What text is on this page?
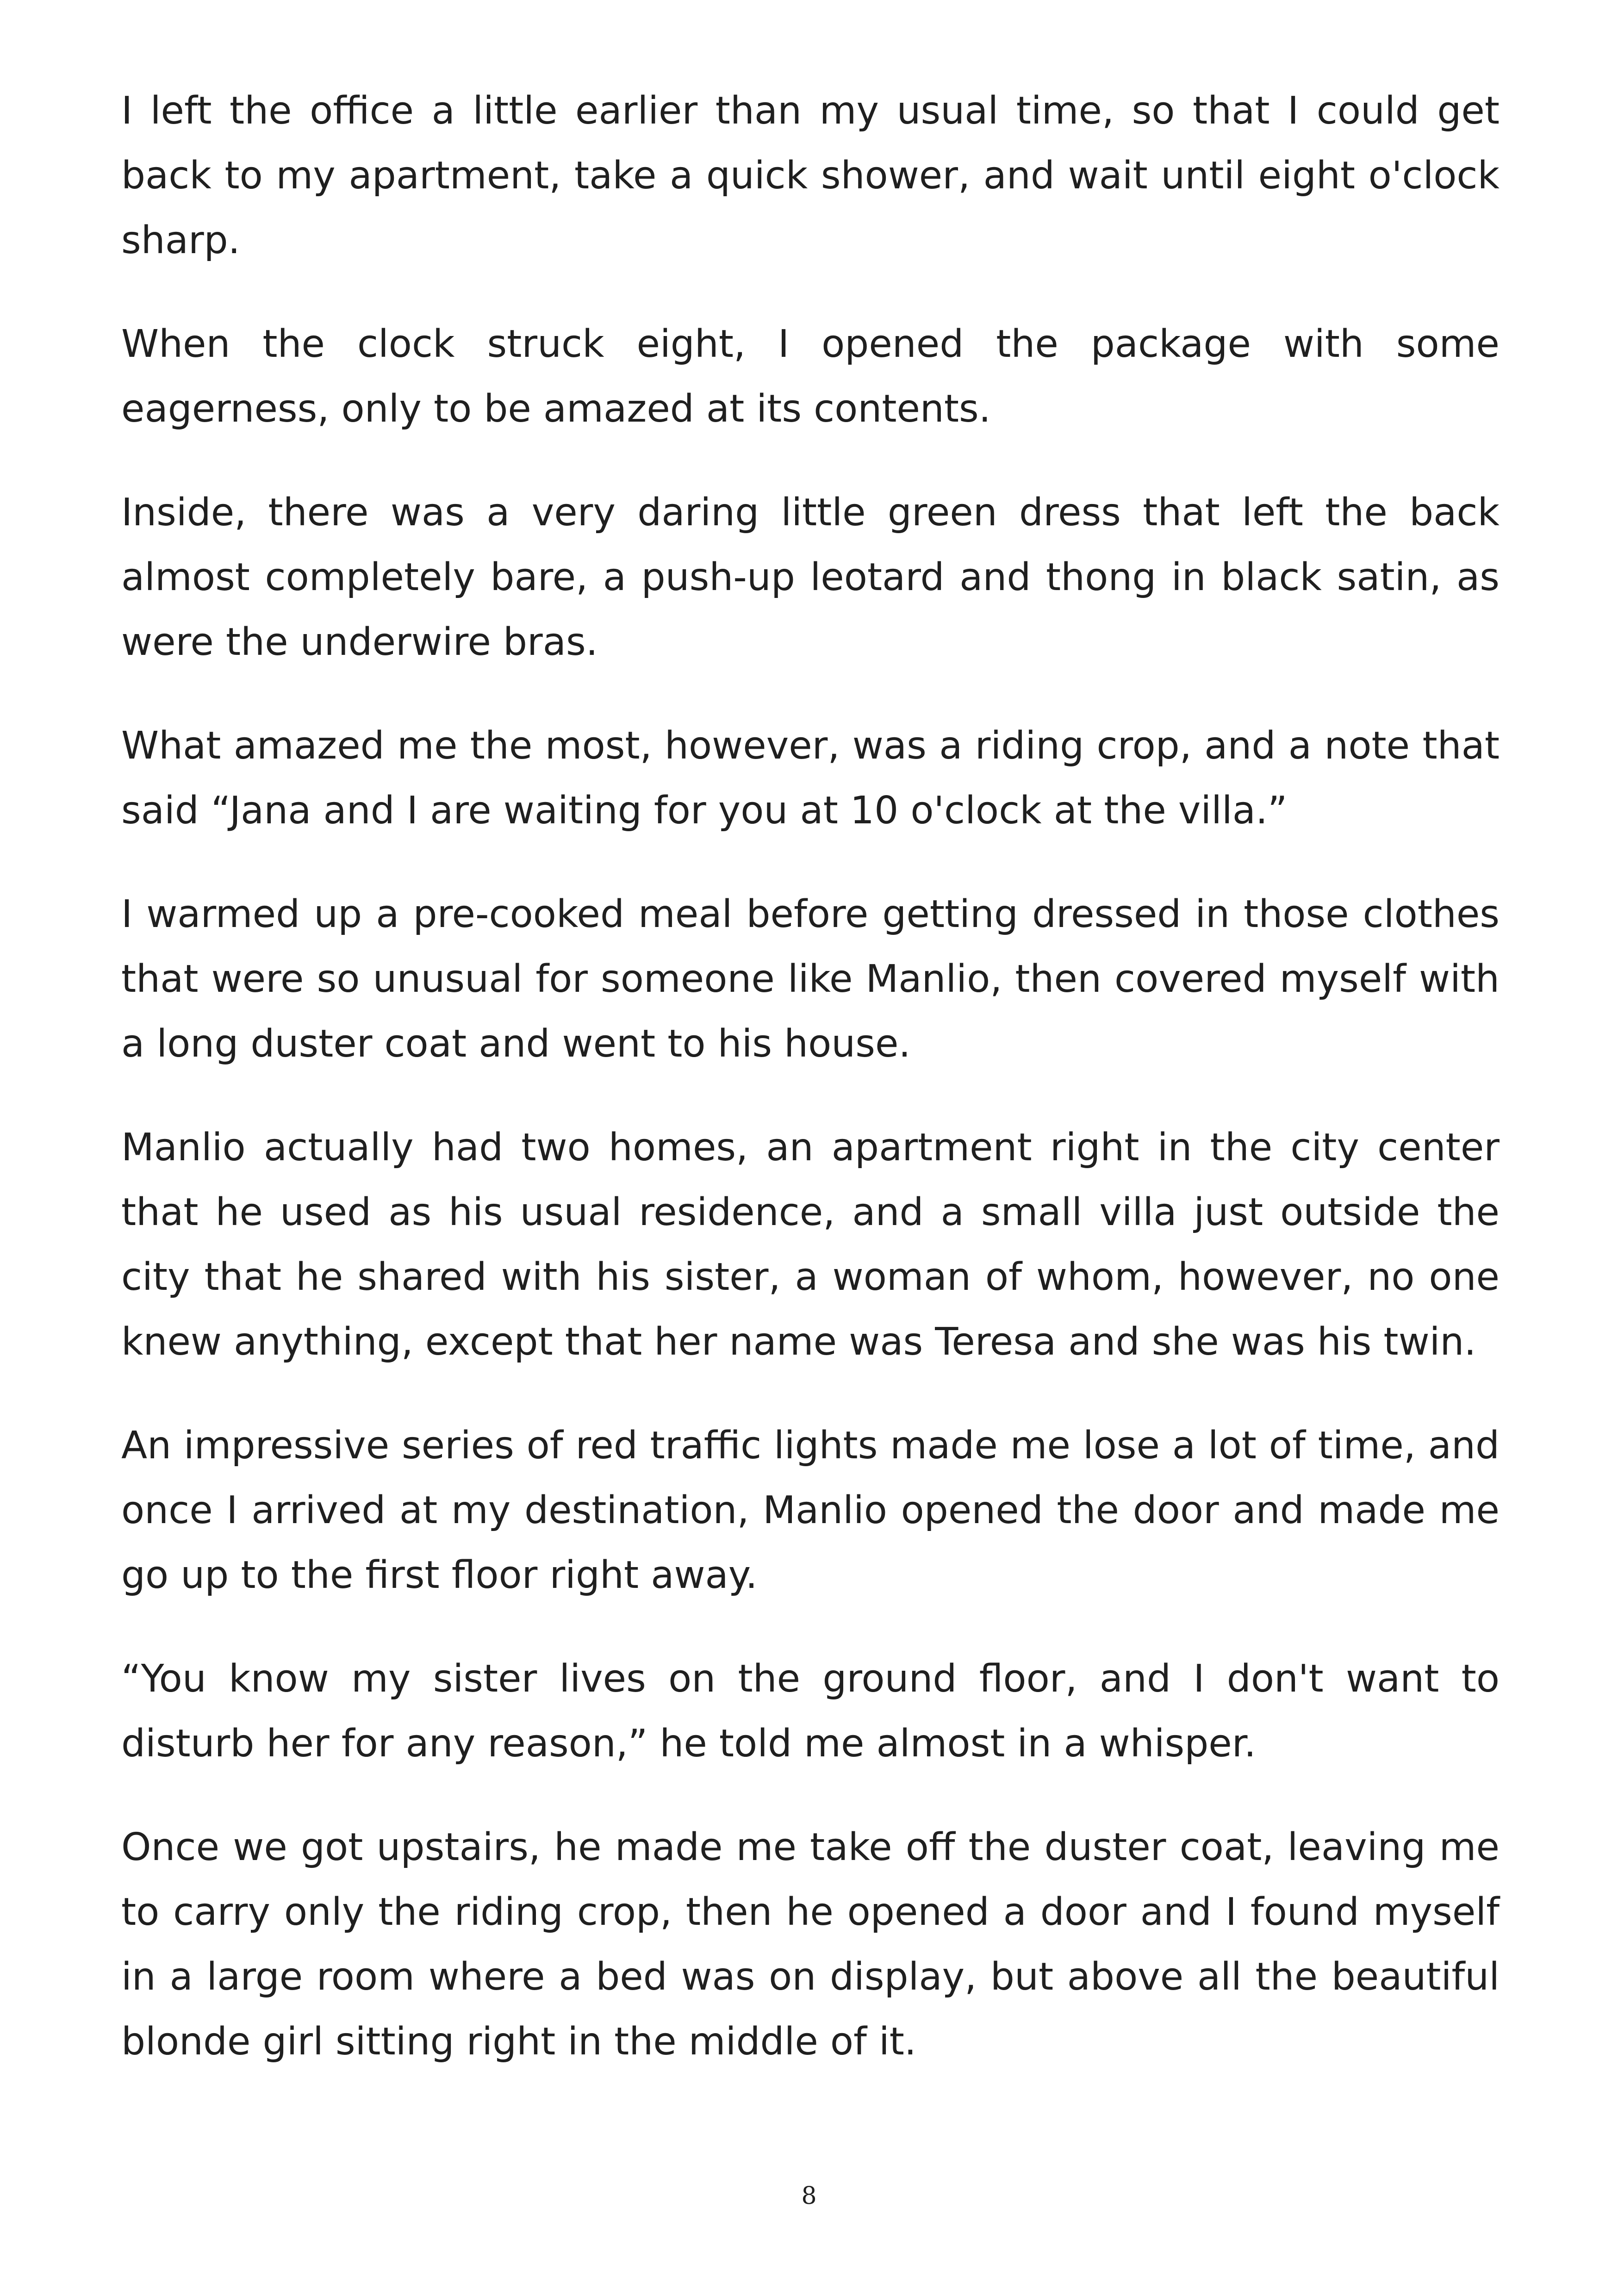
I left the office a little earlier than my usual time, so that I could get back to my apartment, take a quick shower, and wait until eight o'clock sharp.

When the clock struck eight, I opened the package with some eagerness, only to be amazed at its contents.

Inside, there was a very daring little green dress that left the back almost completely bare, a push-up leotard and thong in black satin, as were the underwire bras.

What amazed me the most, however, was a riding crop, and a note that said “Jana and I are waiting for you at 10 o'clock at the villa.”

I warmed up a pre-cooked meal before getting dressed in those clothes that were so unusual for someone like Manlio, then covered myself with a long duster coat and went to his house.

Manlio actually had two homes, an apartment right in the city center that he used as his usual residence, and a small villa just outside the city that he shared with his sister, a woman of whom, however, no one knew anything, except that her name was Teresa and she was his twin.

An impressive series of red traffic lights made me lose a lot of time, and once I arrived at my destination, Manlio opened the door and made me go up to the first floor right away.

“You know my sister lives on the ground floor, and I don't want to disturb her for any reason,” he told me almost in a whisper.

Once we got upstairs, he made me take off the duster coat, leaving me to carry only the riding crop, then he opened a door and I found myself in a large room where a bed was on display, but above all the beautiful blonde girl sitting right in the middle of it.

8
